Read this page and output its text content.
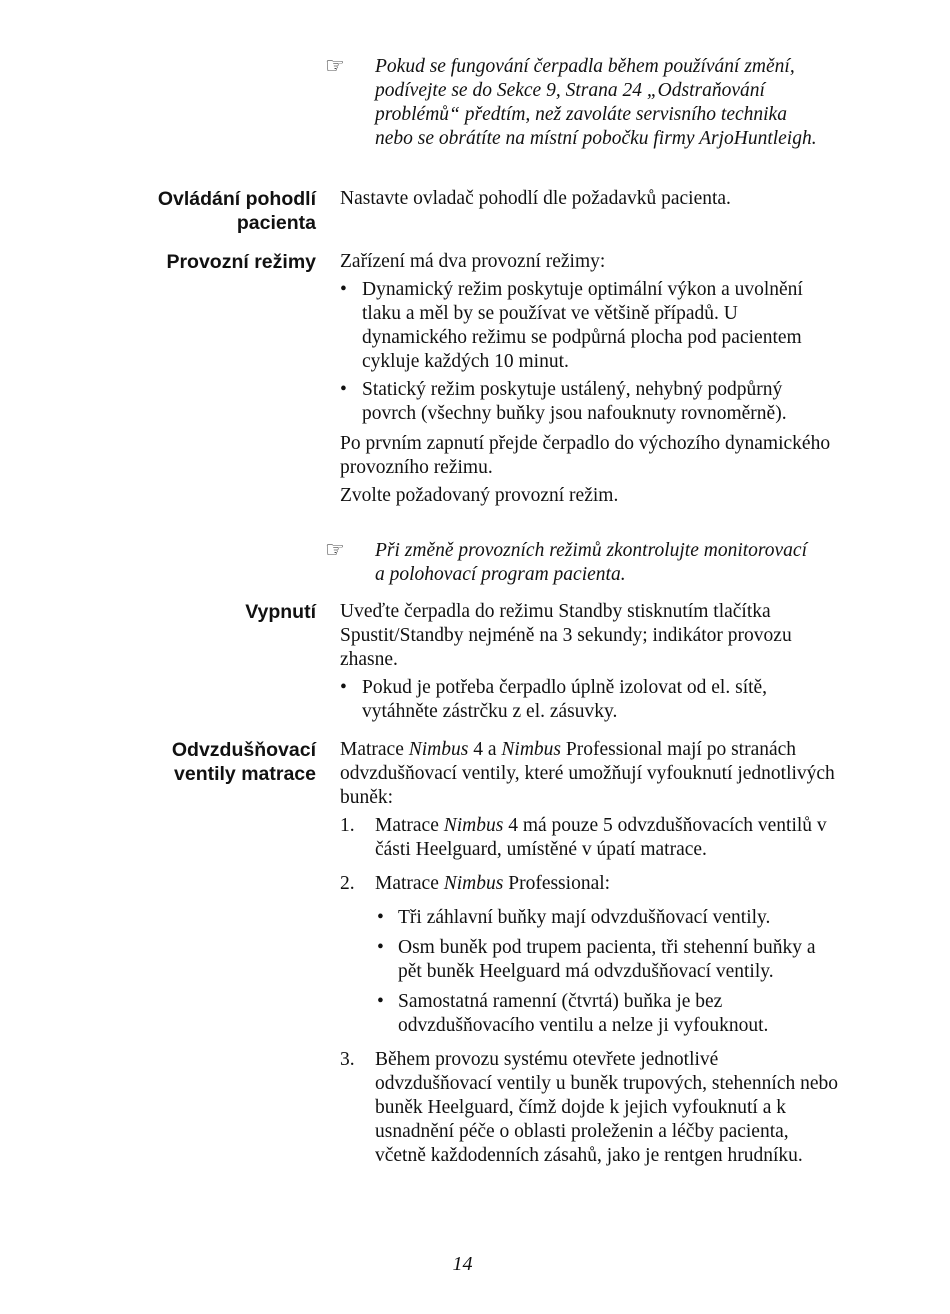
☞ Pokud se fungování čerpadla během používání změní, podívejte se do Sekce 9, Strana 24 „Odstraňování problémů“ předtím, než zavoláte servisního technika nebo se obrátíte na místní pobočku firmy ArjoHuntleigh.

Ovládání pohodlí
pacienta

Nastavte ovladač pohodlí dle požadavků pacienta.

Provozní režimy Zařízení má dva provozní režimy:

• Dynamický režim poskytuje optimální výkon a uvolnění tlaku a měl by se používat ve většině případů. U dynamického režimu se podpůrná plocha pod pacientem cykluje každých 10 minut.
• Statický režim poskytuje ustálený, nehybný podpůrný povrch (všechny buňky jsou nafouknuty rovnoměrně).

Po prvním zapnutí přejde čerpadlo do výchozího dynamického provozního režimu.

Zvolte požadovaný provozní režim.

☞ Při změně provozních režimů zkontrolujte monitorovací a polohovací program pacienta.

Vypnutí Uveďte čerpadla do režimu Standby stisknutím tlačítka Spustit/Standby nejméně na 3 sekundy; indikátor provozu zhasne.

• Pokud je potřeba čerpadlo úplně izolovat od el. sítě, vytáhněte zástrčku z el. zásuvky.
Odvzdušňovací
ventily matrace

Matrace Nimbus 4 a Nimbus Professional mají po stranách odvzdušňovací ventily, které umožňují vyfouknutí jednotlivých buněk:

1. Matrace Nimbus 4 má pouze 5 odvzdušňovacích ventilů v části Heelguard, umístěné v úpatí matrace.
2. Matrace Nimbus Professional:
• Tři záhlavní buňky mají odvzdušňovací ventily.
• Osm buněk pod trupem pacienta, tři stehenní buňky a pět buněk Heelguard má odvzdušňovací ventily.
• Samostatná ramenní (čtvrtá) buňka je bez odvzdušňovacího ventilu a nelze ji vyfouknout.
3. Během provozu systému otevřete jednotlivé odvzdušňovací ventily u buněk trupových, stehenních nebo buněk Heelguard, čímž dojde k jejich vyfouknutí a k usnadnění péče o oblasti proleženin a léčby pacienta, včetně každodenních zásahů, jako je rentgen hrudníku.
14
